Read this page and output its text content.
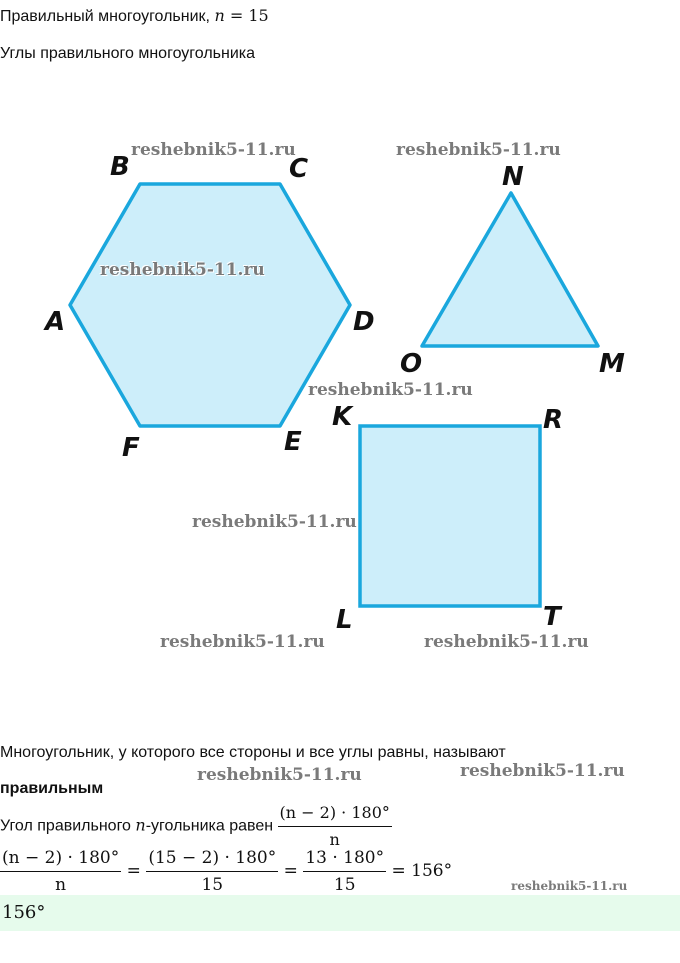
Правильный многоугольник, n = 15
Углы правильного многоугольника
B	C
A	D
F	E
N
O	M
K	R
L	T
reshebnik5-11.ru	reshebnik5-11.ru
reshebnik5-11.ru
reshebnik5-11.ru
reshebnik5-11.ru
reshebnik5-11.ru	reshebnik5-11.ru
reshebnik5-11.ru	reshebnik5-11.ru
reshebnik5-11.ru
Многоугольник, у которого все стороны и все углы равны, называют
правильным
Угол правильного n-угольника равен $\frac{(n - 2) \cdot 180^\circ}{n}$
$\frac{(n - 2) \cdot 180^\circ}{n} = \frac{(15 - 2) \cdot 180^\circ}{15} = \frac{13 \cdot 180^\circ}{15} = 156^\circ$
156°
